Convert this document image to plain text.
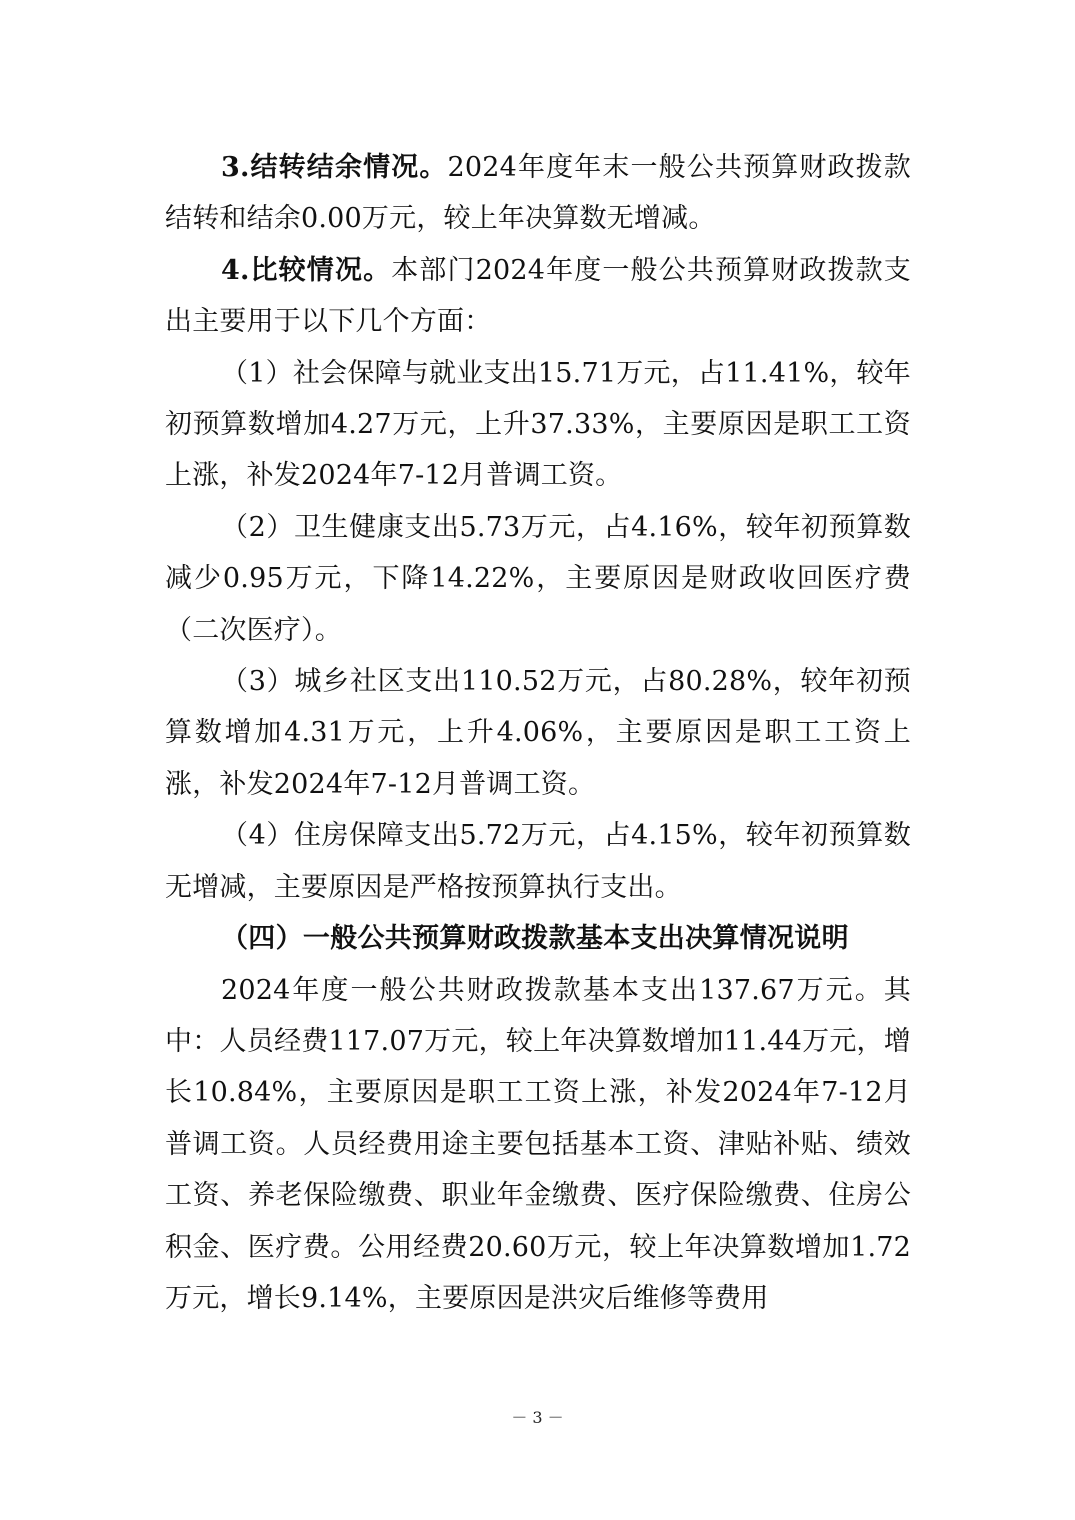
3.结转结余情况。2024年度年末一般公共预算财政拨款结转和结余0.00万元，较上年决算数无增减。

4.比较情况。本部门2024年度一般公共预算财政拨款支出主要用于以下几个方面：

（1）社会保障与就业支出15.71万元，占11.41%，较年初预算数增加4.27万元，上升37.33%，主要原因是职工工资上涨，补发2024年7-12月普调工资。

（2）卫生健康支出5.73万元，占4.16%，较年初预算数减少0.95万元，下降14.22%，主要原因是财政收回医疗费（二次医疗）。

（3）城乡社区支出110.52万元，占80.28%，较年初预算数增加4.31万元，上升4.06%，主要原因是职工工资上涨，补发2024年7-12月普调工资。

（4）住房保障支出5.72万元，占4.15%，较年初预算数无增减，主要原因是严格按预算执行支出。

（四）一般公共预算财政拨款基本支出决算情况说明

2024年度一般公共财政拨款基本支出137.67万元。其中：人员经费117.07万元，较上年决算数增加11.44万元，增长10.84%，主要原因是职工工资上涨，补发2024年7-12月普调工资。人员经费用途主要包括基本工资、津贴补贴、绩效工资、养老保险缴费、职业年金缴费、医疗保险缴费、住房公积金、医疗费。公用经费20.60万元，较上年决算数增加1.72万元，增长9.14%，主要原因是洪灾后维修等费用

－ 3 －
